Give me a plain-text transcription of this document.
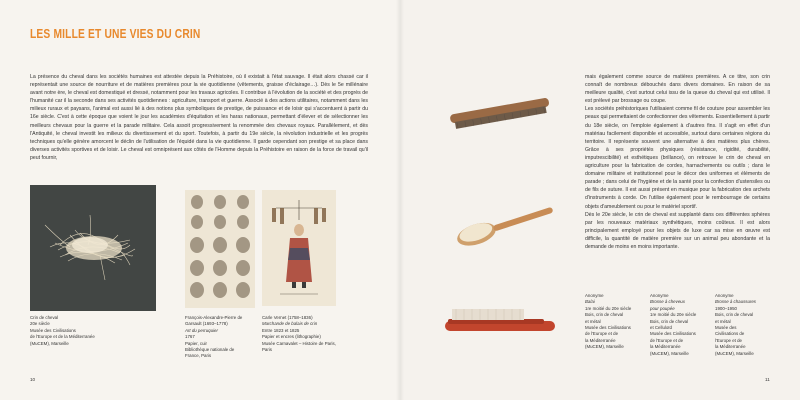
LES MILLE ET UNE VIES DU CRIN

La présence du cheval dans les sociétés humaines est attestée depuis la Préhistoire, où il existait à l'état sauvage. Il était alors chassé car il représentait une source de nourriture et de matières premières pour la vie quotidienne (vêtements, graisse d'éclairage…). Dès le 5e millénaire avant notre ère, le cheval est domestiqué et dressé, notamment pour les travaux agricoles. Il contribue à l'évolution de la société et des progrès de l'humanité car il la seconde dans ses activités quotidiennes : agriculture, transport et guerre. Associé à des actions utilitaires, notamment dans les milieux ruraux et paysans, l'animal est aussi lié à des notions plus symboliques de prestige, de puissance et de loisir qui s'accentuent à partir du 16e siècle. C'est à cette époque que voient le jour les académies d'équitation et les haras nationaux, permettant d'élever et de sélectionner les meilleurs chevaux pour la guerre et la parade militaire. Cela assoit progressivement la renommée des chevaux royaux. Parallèlement, et dès l'Antiquité, le cheval investit les milieux du divertissement et du sport. Toutefois, à partir du 19e siècle, la révolution industrielle et les progrès techniques qu'elle génère amorcent le déclin de l'utilisation de l'équidé dans la vie quotidienne. Il garde cependant son prestige et sa place dans diverses activités sportives et de loisir. Le cheval est omniprésent aux côtés de l'Homme depuis la Préhistoire en raison de la force de travail qu'il peut fournir,

Crin de cheval
20e siècle
Musée des Civilisations
de l'Europe et de la Méditerranée
(MuCEM), Marseille
François-Alexandre-Pierre de
Garsault (1693–1778)
Art du perruquier
1767
Papier, cuir
Bibliothèque nationale de
France, Paris
Carle Vernet (1758–1836)
Marchande de balais de crin
Entre 1823 et 1825
Papier et encres (lithographie)
Musée Carnavalet – Histoire de Paris,
Paris
10

mais également comme source de matières premières. A ce titre, son crin connaît de nombreux débouchés dans divers domaines. En raison de sa meilleure qualité, c'est surtout celui issu de la queue du cheval qui est utilisé. Il est prélevé par brossage ou coupe.

Les sociétés préhistoriques l'utilisaient comme fil de couture pour assembler les peaux qui permettaient de confectionner des vêtements. Essentiellement à partir du 18e siècle, on l'emploie également à d'autres fins. Il s'agit en effet d'un matériau facilement disponible et accessible, surtout dans certaines régions du territoire. Il représente souvent une alternative à des matières plus chères. Grâce à ses propriétés physiques (résistance, rigidité, durabilité, imputrescibilité) et esthétiques (brillance), on retrouve le crin de cheval en agriculture pour la fabrication de cordes, harnachements ou outils ; dans le domaine militaire et institutionnel pour le décor des uniformes et éléments de parade ; dans celui de l'hygiène et de la santé pour la confection d'ustensiles ou de fils de suture. Il est aussi présent en musique pour la fabrication des archets d'instruments à corde. On l'utilise également pour le rembourrage de certains objets d'ameublement ou pour le matériel sportif.

Dès le 20e siècle, le crin de cheval est supplanté dans ces différentes sphères par les nouveaux matériaux synthétiques, moins coûteux. Il est alors principalement employé pour les objets de luxe car sa mise en œuvre est difficile, la quantité de matière première sur un animal peu abondante et la demande de moins en moins importante.

Anonyme
Balai
1re moitié du 20e siècle
Bois, crin de cheval
et métal
Musée des Civilisations
de l'Europe et de
la Méditerranée
(MuCEM), Marseille
Anonyme
Brosse à cheveux
pour poupée
1re moitié du 20e siècle
Bois, crin de cheval
et Celluloïd
Musée des Civilisations
de l'Europe et de
la Méditerranée
(MuCEM), Marseille
Anonyme
Brosse à chaussures
1900–1950
Bois, crin de cheval
et métal
Musée des
Civilisations de
l'Europe et de
la Méditerranée
(MuCEM), Marseille
11
